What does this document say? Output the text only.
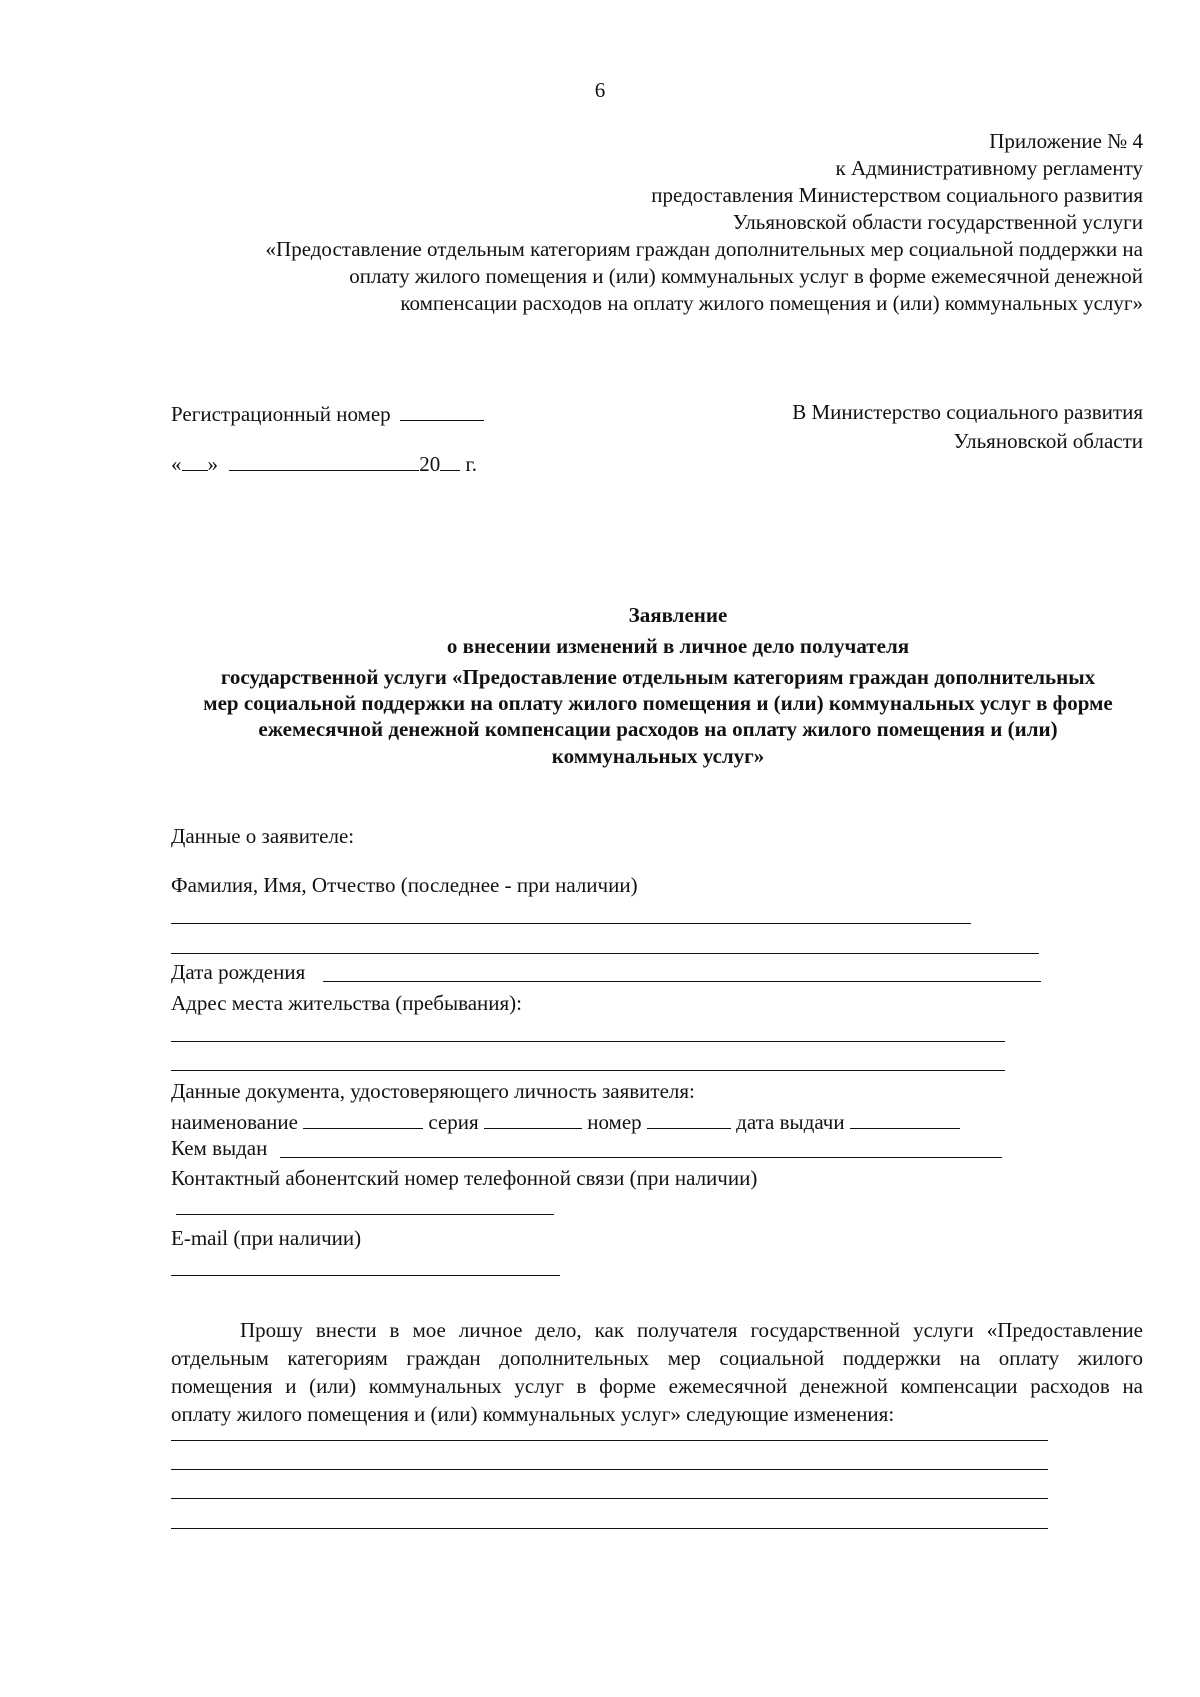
6
Приложение № 4
к Административному регламенту
предоставления Министерством социального развития
Ульяновской области государственной услуги
«Предоставление отдельным категориям граждан дополнительных мер социальной поддержки на
оплату жилого помещения и (или) коммунальных услуг в форме ежемесячной денежной
компенсации расходов на оплату жилого помещения и (или) коммунальных услуг»
Регистрационный номер
« »	20 г.
В Министерство социального развития
Ульяновской области
Заявление
о внесении изменений в личное дело получателя
государственной услуги «Предоставление отдельным категориям граждан дополнительных
мер социальной поддержки на оплату жилого помещения и (или) коммунальных услуг в форме
ежемесячной денежной компенсации расходов на оплату жилого помещения и (или)
коммунальных услуг»
Данные о заявителе:
Фамилия, Имя, Отчество (последнее - при наличии)
Дата рождения
Адрес места жительства (пребывания):
Данные документа, удостоверяющего личность заявителя:
наименование	серия	номер	дата выдачи
Кем выдан
Контактный абонентский номер телефонной связи (при наличии)
E-mail (при наличии)
Прошу внести в мое личное дело, как получателя государственной услуги «Предоставление
отдельным категориям граждан дополнительных мер социальной поддержки на оплату жилого
помещения и (или) коммунальных услуг в форме ежемесячной денежной компенсации расходов на
оплату жилого помещения и (или) коммунальных услуг» следующие изменения:
